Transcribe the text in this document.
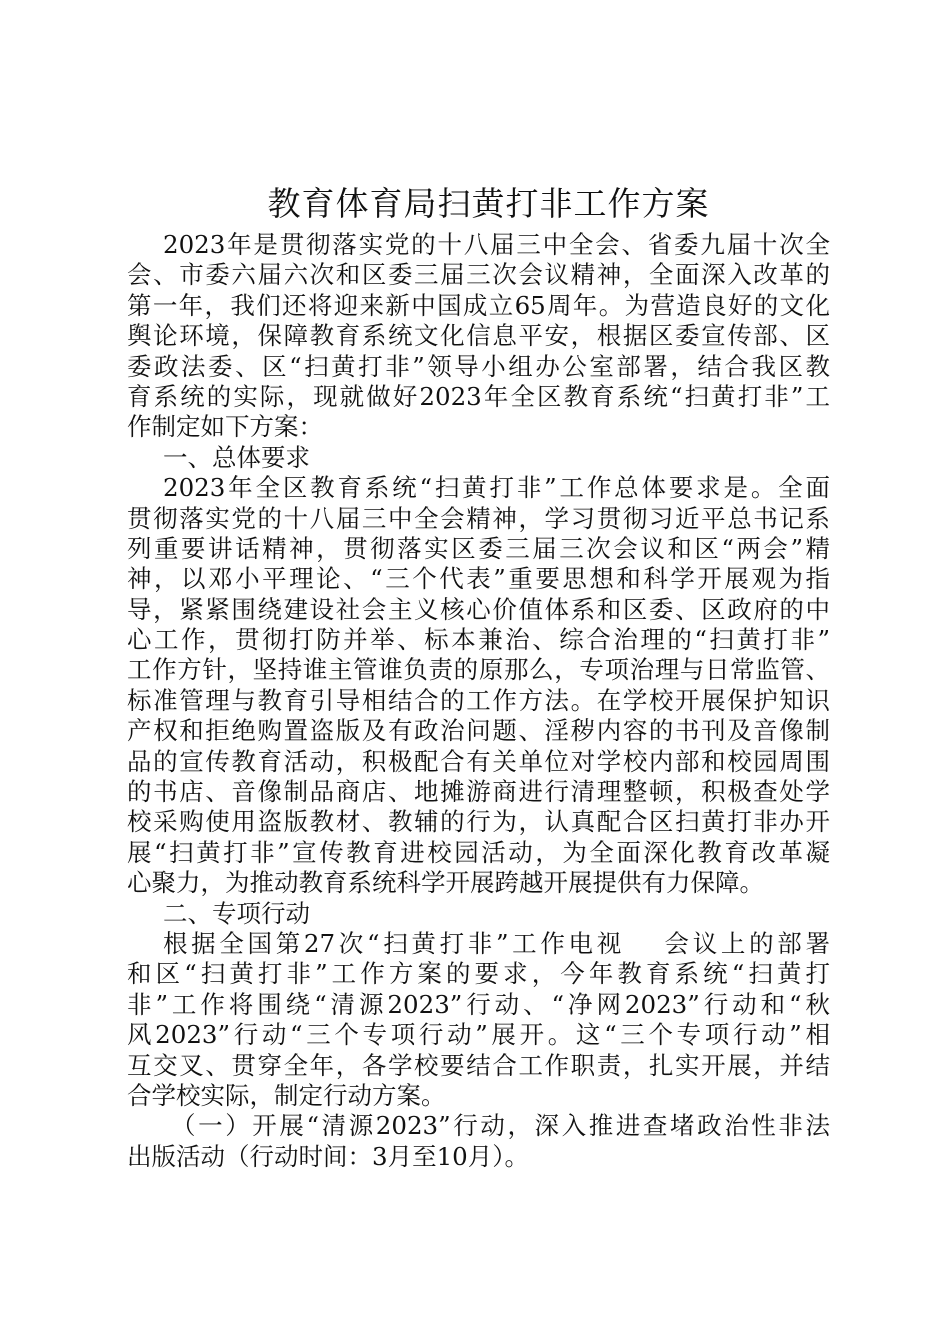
教育体育局扫黄打非工作方案
2023年是贯彻落实党的十八届三中全会、省委九届十次全
会、市委六届六次和区委三届三次会议精神，全面深入改革的
第一年，我们还将迎来新中国成立65周年。为营造良好的文化
舆论环境，保障教育系统文化信息平安，根据区委宣传部、区
委政法委、区“扫黄打非”领导小组办公室部署，结合我区教
育系统的实际，现就做好2023年全区教育系统“扫黄打非”工
作制定如下方案：
一、总体要求
2023年全区教育系统“扫黄打非”工作总体要求是。全面
贯彻落实党的十八届三中全会精神，学习贯彻习近平总书记系
列重要讲话精神，贯彻落实区委三届三次会议和区“两会”精
神，以邓小平理论、“三个代表”重要思想和科学开展观为指
导，紧紧围绕建设社会主义核心价值体系和区委、区政府的中
心工作，贯彻打防并举、标本兼治、综合治理的“扫黄打非”
工作方针，坚持谁主管谁负责的原那么，专项治理与日常监管、
标准管理与教育引导相结合的工作方法。在学校开展保护知识
产权和拒绝购置盗版及有政治问题、淫秽内容的书刊及音像制
品的宣传教育活动，积极配合有关单位对学校内部和校园周围
的书店、音像制品商店、地摊游商进行清理整顿，积极查处学
校采购使用盗版教材、教辅的行为，认真配合区扫黄打非办开
展“扫黄打非”宣传教育进校园活动，为全面深化教育改革凝
心聚力，为推动教育系统科学开展跨越开展提供有力保障。
二、专项行动
根据全国第27次“扫黄打非”工作电视　 会议上的部署
和区“扫黄打非”工作方案的要求，今年教育系统“扫黄打
非”工作将围绕“清源2023”行动、“净网2023”行动和“秋
风2023”行动“三个专项行动”展开。这“三个专项行动”相
互交叉、贯穿全年，各学校要结合工作职责，扎实开展，并结
合学校实际，制定行动方案。
（一）开展“清源2023”行动，深入推进查堵政治性非法
出版活动（行动时间：3月至10月）。
